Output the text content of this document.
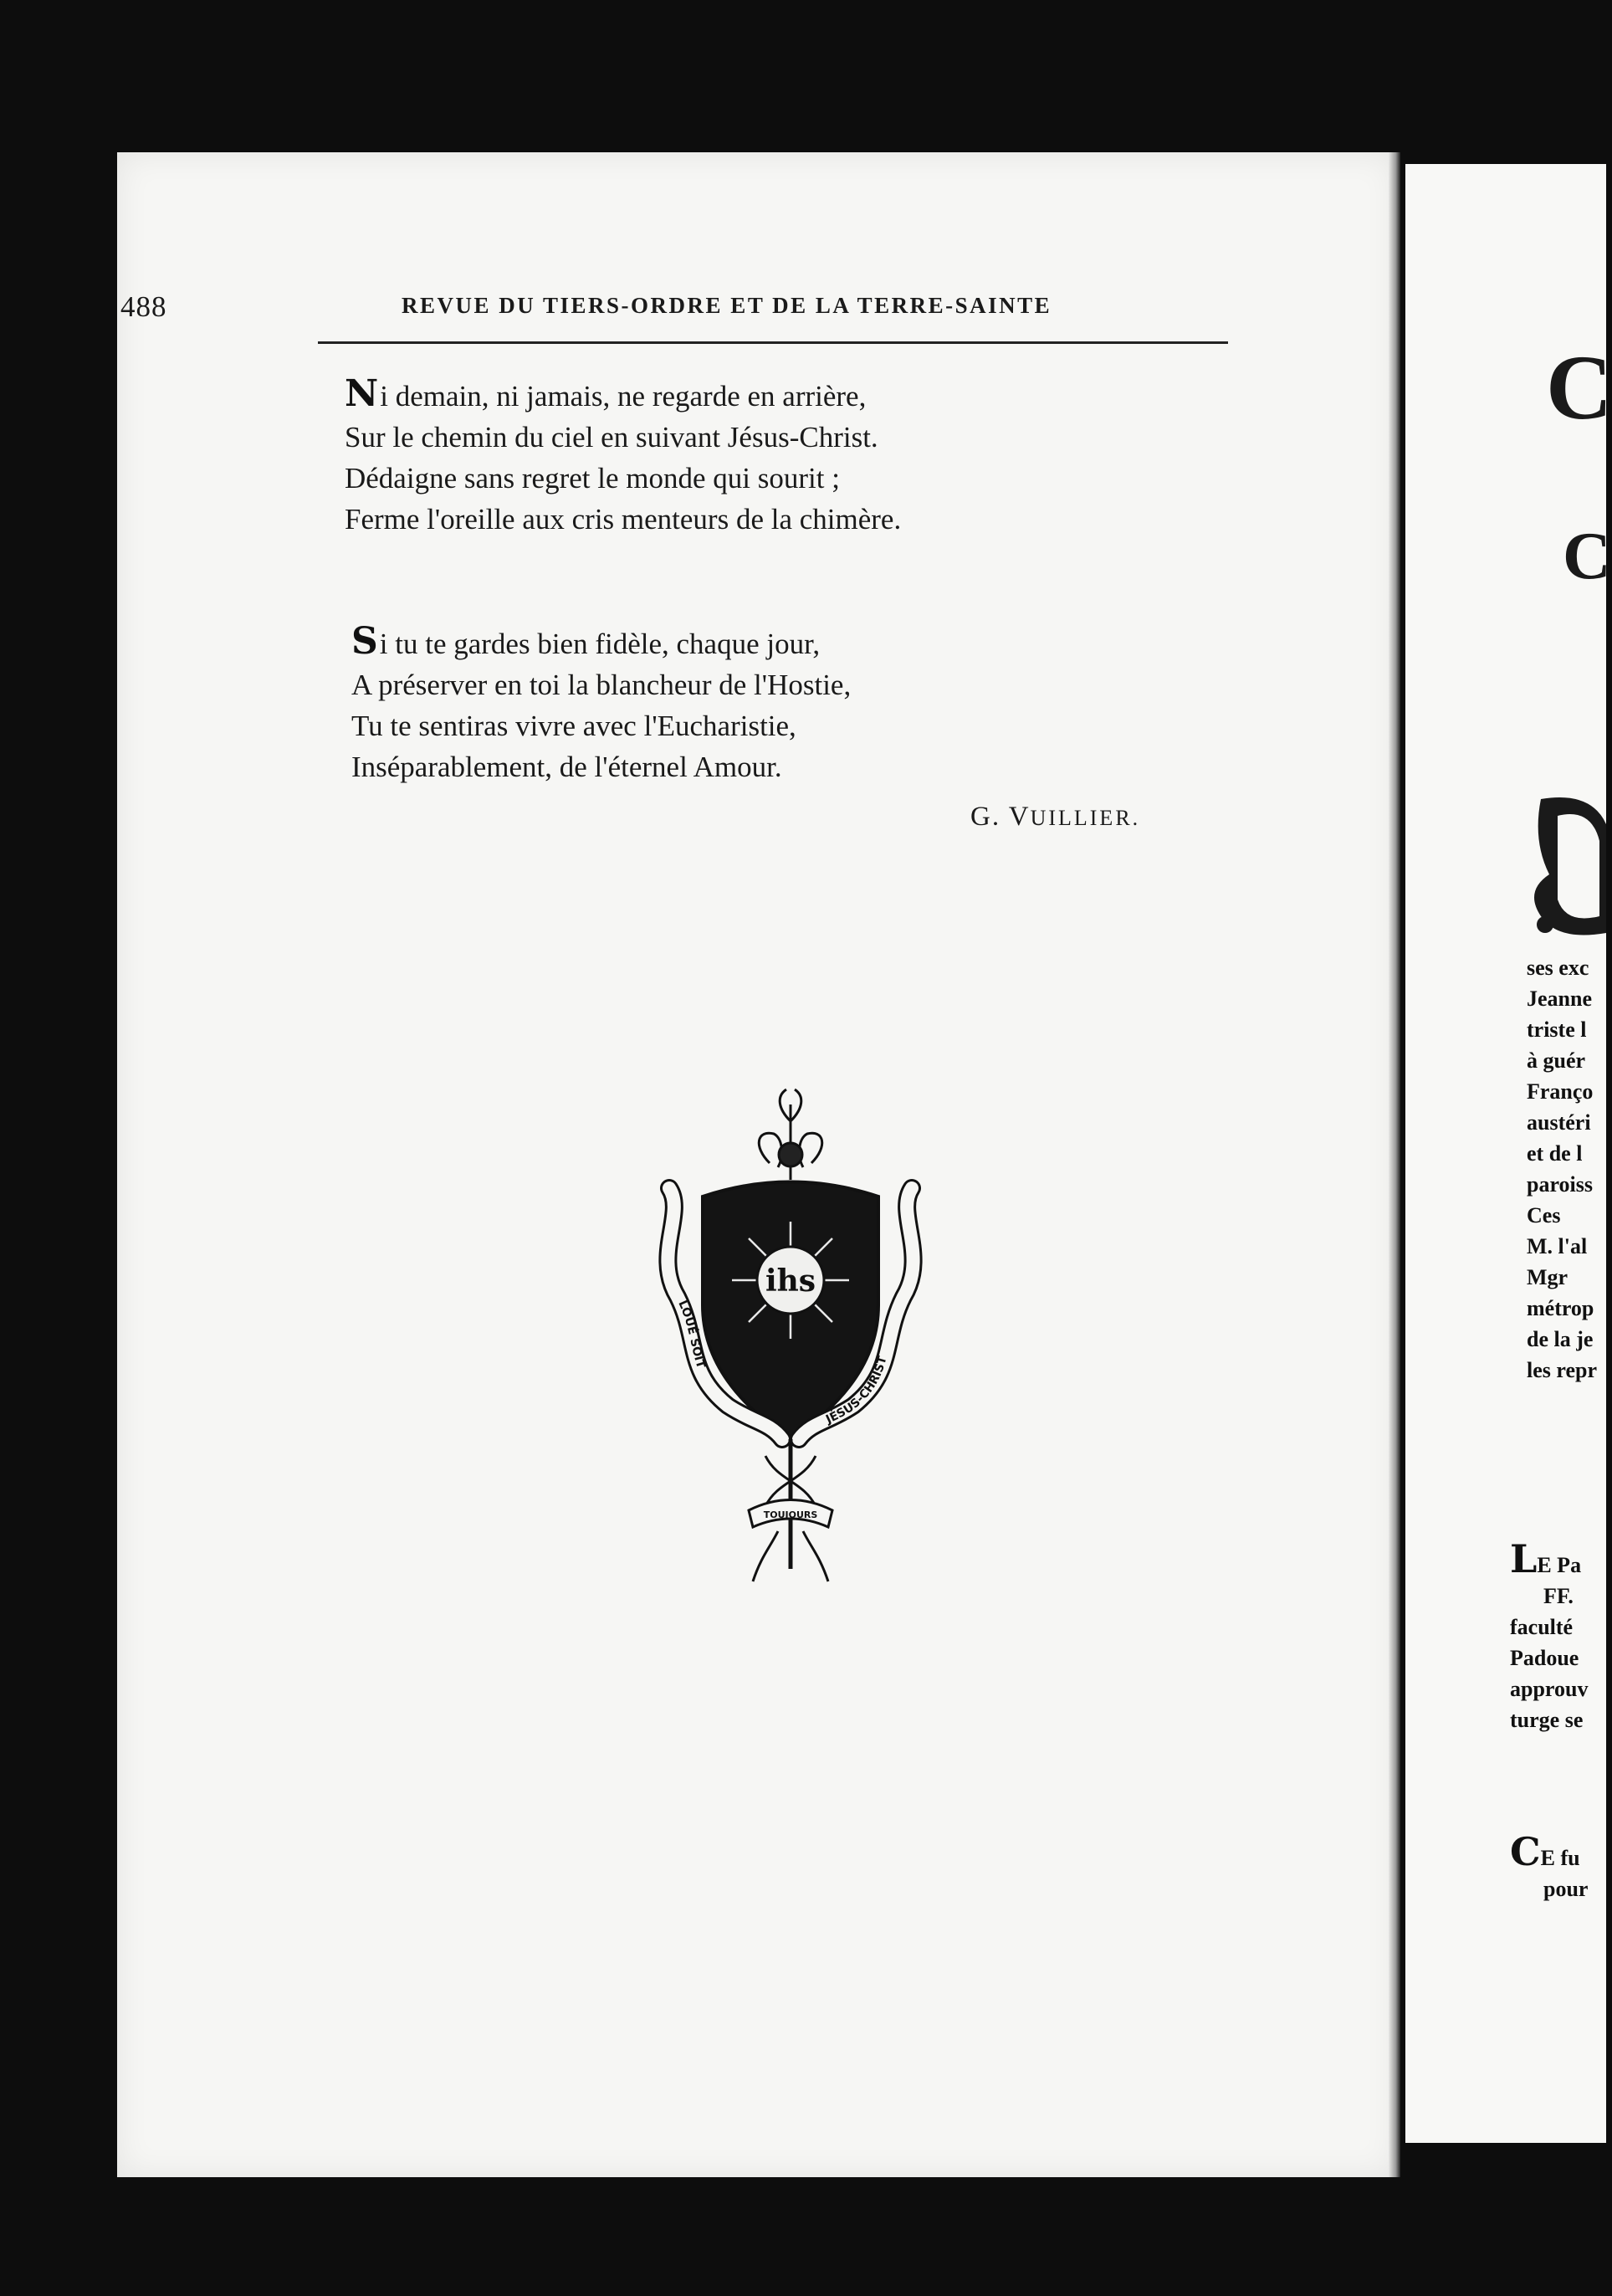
488	REVUE DU TIERS-ORDRE ET DE LA TERRE-SAINTE
Ni demain, ni jamais, ne regarde en arrière,
Sur le chemin du ciel en suivant Jésus-Christ.
Dédaigne sans regret le monde qui sourit ;
Ferme l'oreille aux cris menteurs de la chimère.
Si tu te gardes bien fidèle, chaque jour,
A préserver en toi la blancheur de l'Hostie,
Tu te sentiras vivre avec l'Eucharistie,
Inséparablement, de l'éternel Amour.
G. VUILLIER.
ihs
LOUÉ SOIT
JÉSUS-CHRIST
TOUJOURS
C
C
ses exc
Jeanne
triste l
à guér
Franço
austéri
et de l
paroiss
Ces
M. l'al
Mgr
métrop
de la je
les repr
LE Pa
FF.
faculté
Padoue
approuv
turge se
CE fu
pour
